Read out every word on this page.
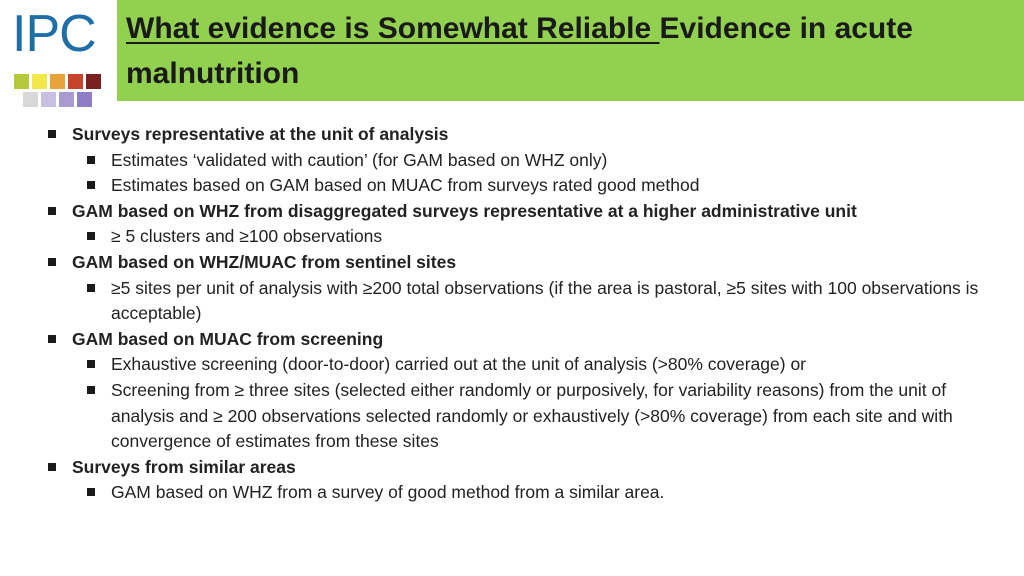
IPC What evidence is Somewhat Reliable Evidence in acute malnutrition
Surveys representative at the unit of analysis
Estimates ‘validated with caution’ (for GAM based on WHZ only)
Estimates based on GAM based on MUAC from surveys rated good method
GAM based on WHZ from disaggregated surveys representative at a higher administrative unit
≥ 5 clusters and ≥100 observations
GAM based on WHZ/MUAC from sentinel sites
≥5 sites per unit of analysis with ≥200 total observations (if the area is pastoral, ≥5 sites with 100 observations is acceptable)
GAM based on MUAC from screening
Exhaustive screening (door-to-door) carried out at the unit of analysis (>80% coverage) or
Screening from ≥ three sites (selected either randomly or purposively, for variability reasons) from the unit of analysis and ≥ 200 observations selected randomly or exhaustively (>80% coverage) from each site and with convergence of estimates from these sites
Surveys from similar areas
GAM based on WHZ from a survey of good method from a similar area.
